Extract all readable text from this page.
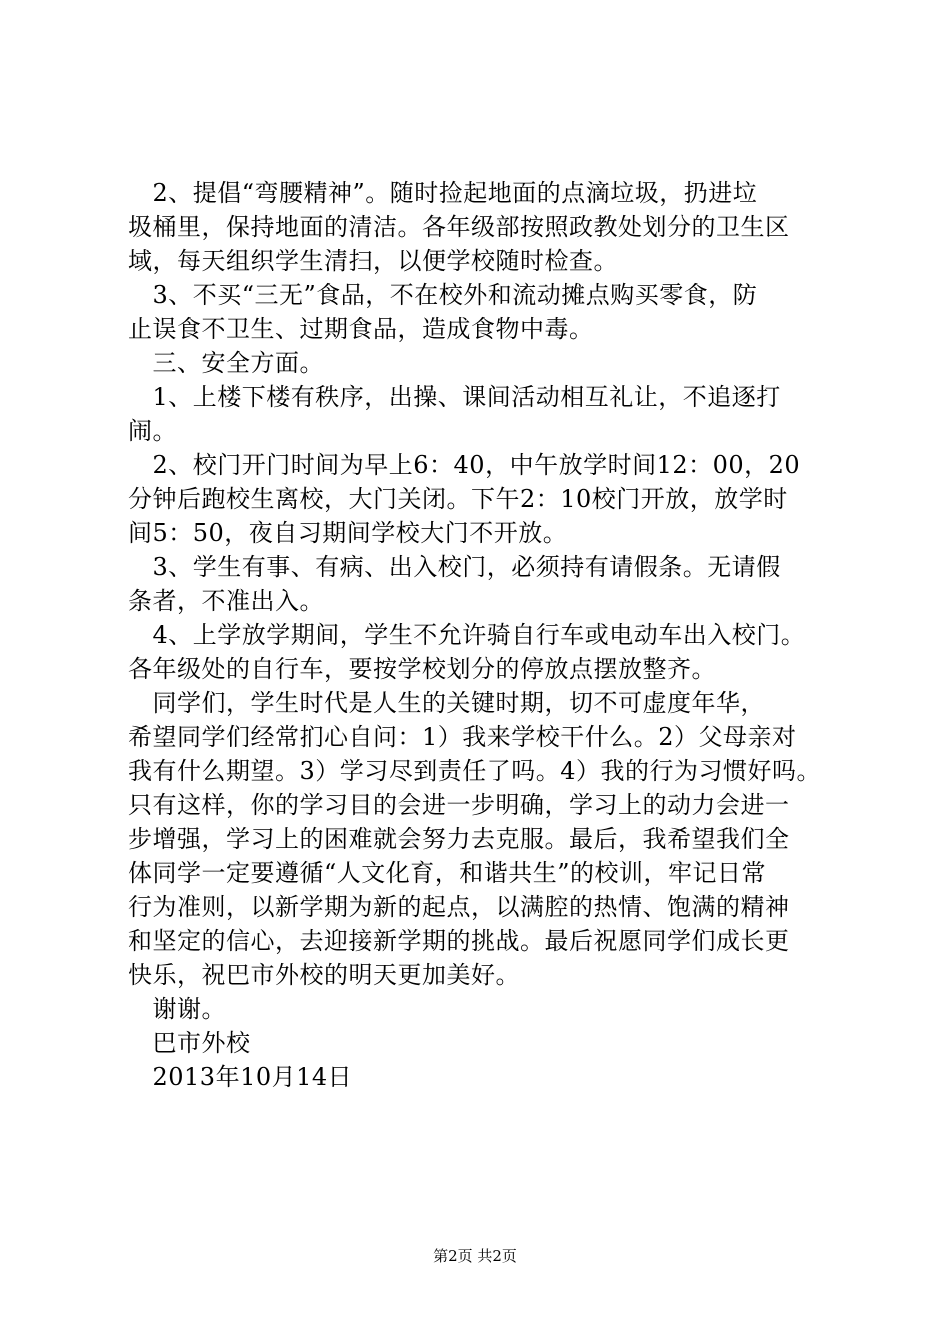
　2、提倡“弯腰精神”。随时捡起地面的点滴垃圾，扔进垃
圾桶里，保持地面的清洁。各年级部按照政教处划分的卫生区
域，每天组织学生清扫，以便学校随时检查。
　3、不买“三无”食品，不在校外和流动摊点购买零食，防
止误食不卫生、过期食品，造成食物中毒。
　三、安全方面。
　1、上楼下楼有秩序，出操、课间活动相互礼让，不追逐打
闹。
　2、校门开门时间为早上6：40，中午放学时间12：00，20
分钟后跑校生离校，大门关闭。下午2：10校门开放，放学时
间5：50，夜自习期间学校大门不开放。
　3、学生有事、有病、出入校门，必须持有请假条。无请假
条者，不准出入。
　4、上学放学期间，学生不允许骑自行车或电动车出入校门。
各年级处的自行车，要按学校划分的停放点摆放整齐。
　同学们，学生时代是人生的关键时期，切不可虚度年华，
希望同学们经常扪心自问：1）我来学校干什么。2）父母亲对
我有什么期望。3）学习尽到责任了吗。4）我的行为习惯好吗。
只有这样，你的学习目的会进一步明确，学习上的动力会进一
步增强，学习上的困难就会努力去克服。最后，我希望我们全
体同学一定要遵循“人文化育，和谐共生”的校训，牢记日常
行为准则，以新学期为新的起点，以满腔的热情、饱满的精神
和坚定的信心，去迎接新学期的挑战。最后祝愿同学们成长更
快乐，祝巴市外校的明天更加美好。
　谢谢。
　巴市外校
　2013年10月14日
第2页 共2页
